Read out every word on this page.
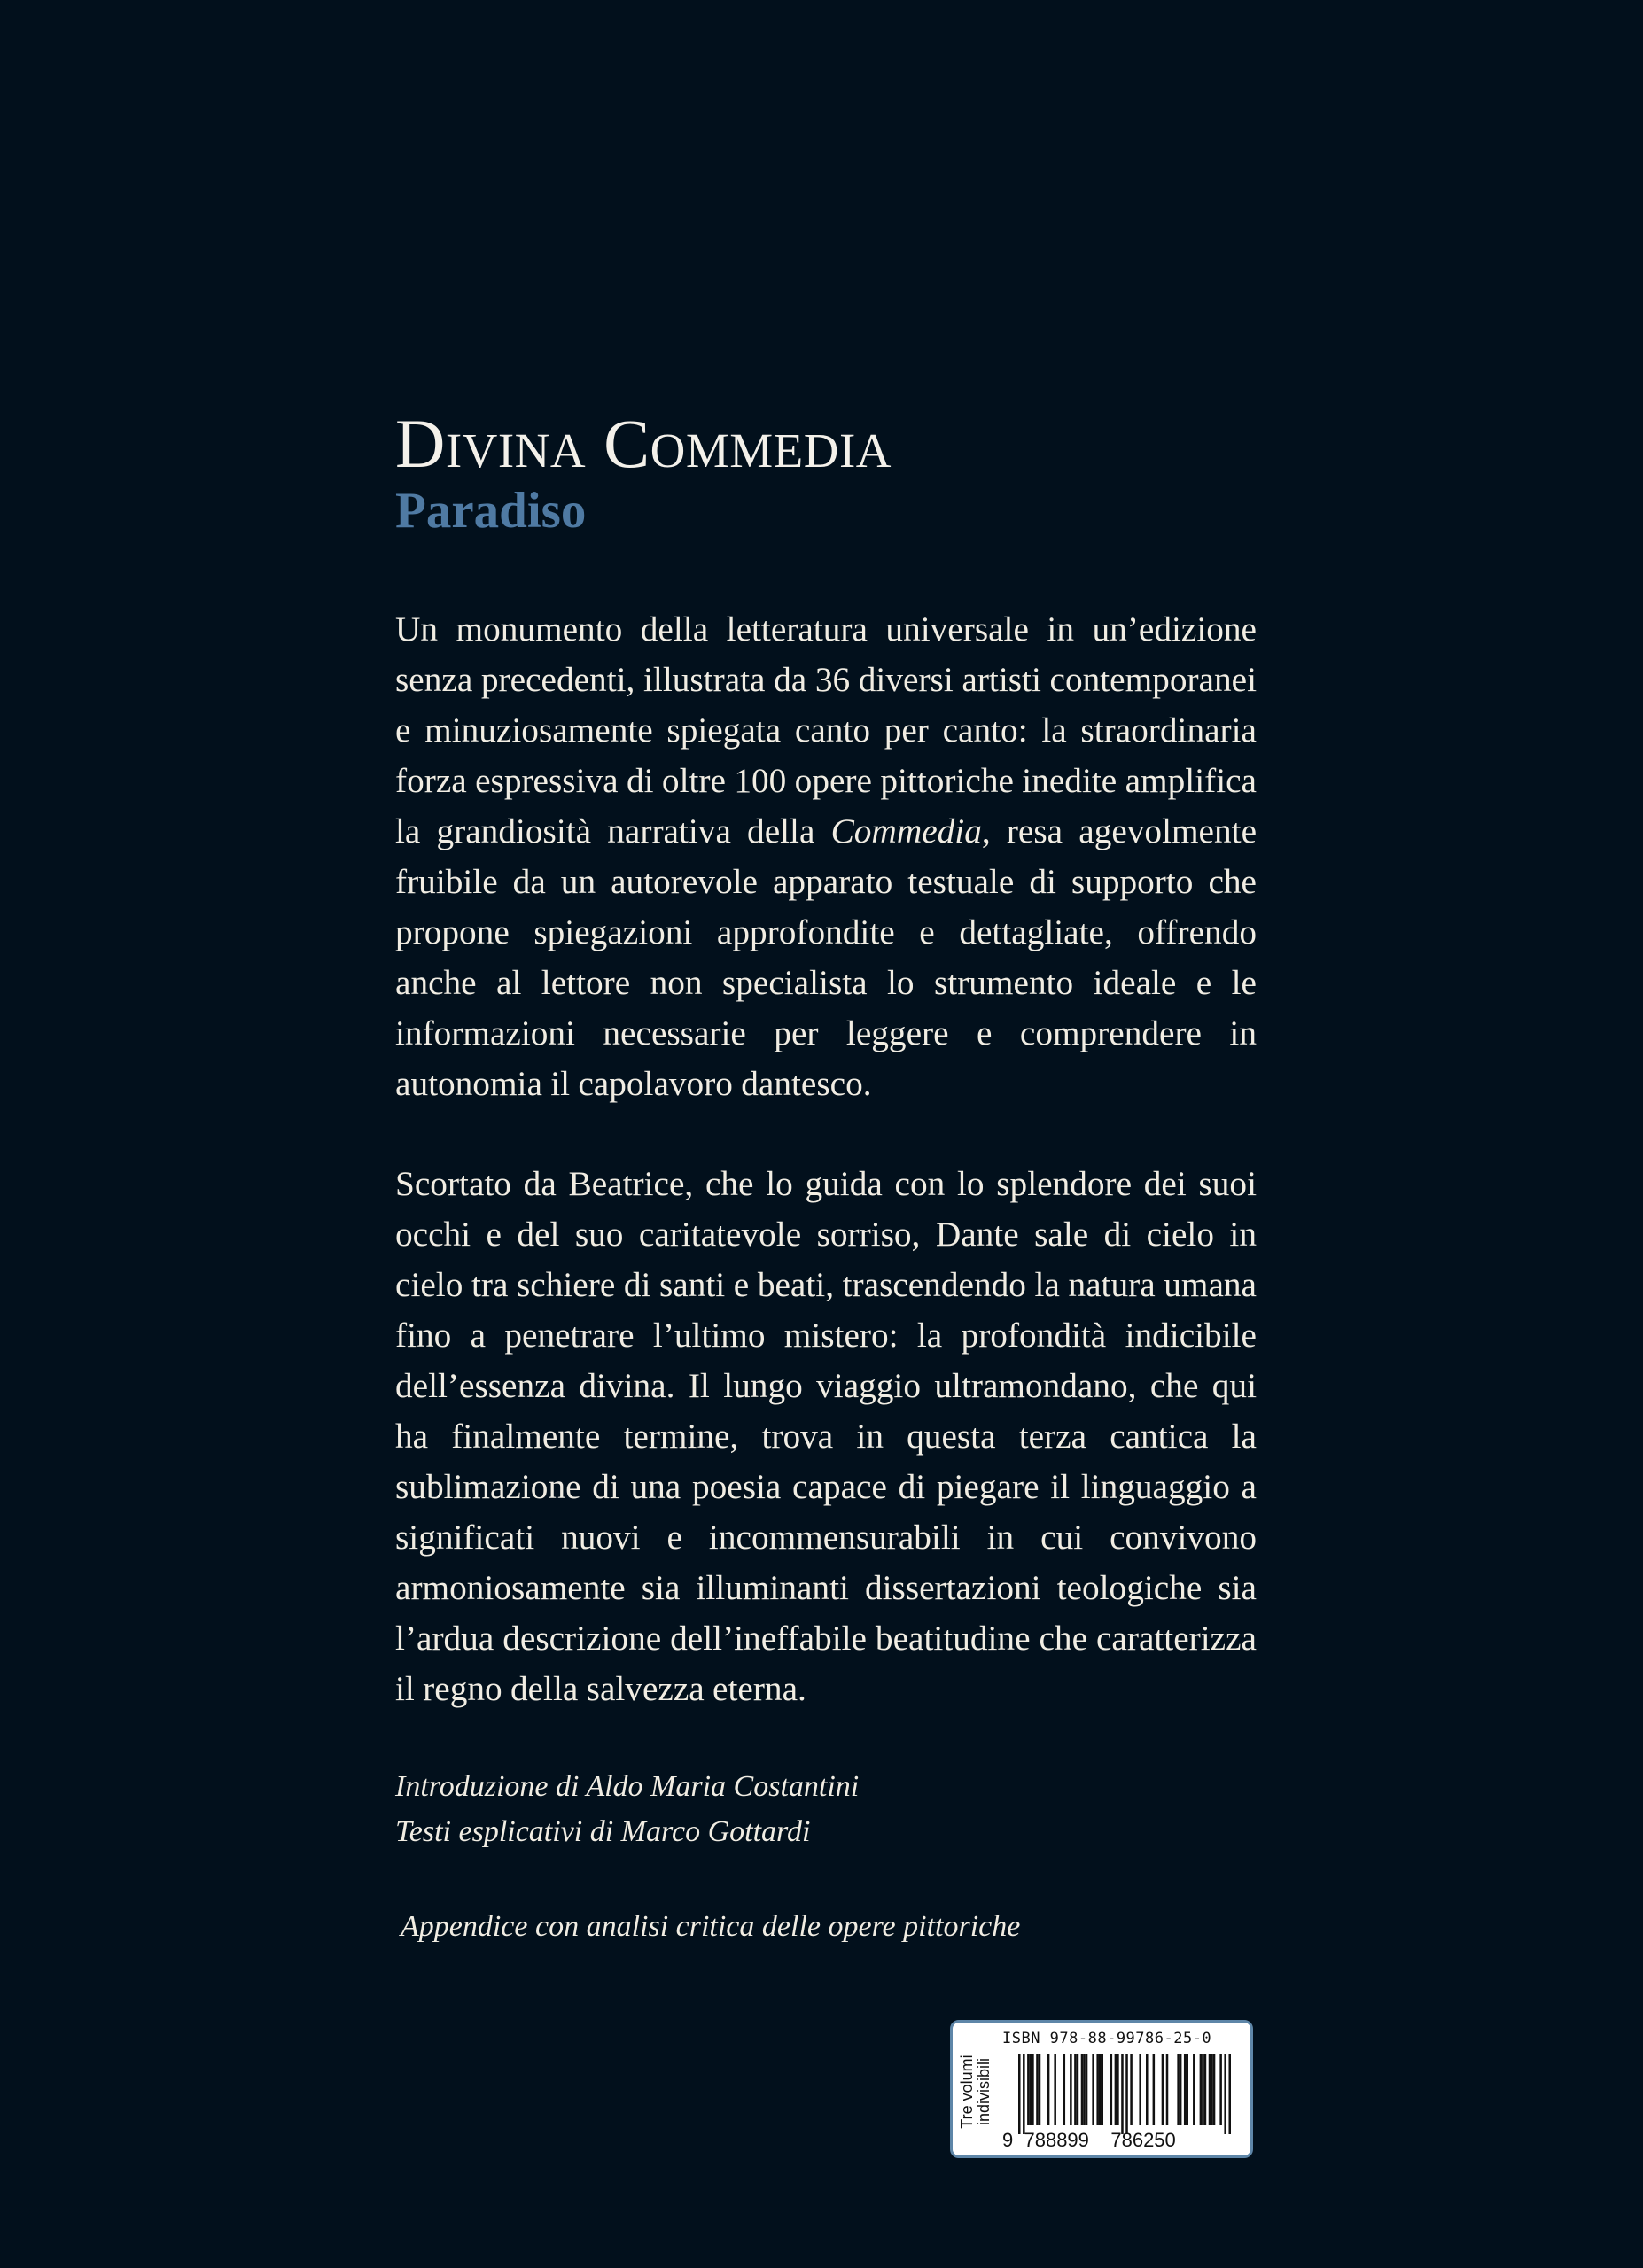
Divina Commedia
Paradiso

Un monumento della letteratura universale in un’edizione senza precedenti, illustrata da 36 diversi artisti contemporanei e minuziosamente spiegata canto per canto: la straordinaria forza espressiva di oltre 100 opere pittoriche inedite amplifica la grandiosità narrativa della Commedia, resa agevolmente fruibile da un autorevole apparato testuale di supporto che propone spiegazioni approfondite e dettagliate, offrendo anche al lettore non specialista lo strumento ideale e le informazioni necessarie per leggere e comprendere in autonomia il capolavoro dantesco.

Scortato da Beatrice, che lo guida con lo splendore dei suoi occhi e del suo caritatevole sorriso, Dante sale di cielo in cielo tra schiere di santi e beati, trascendendo la natura umana fino a penetrare l’ultimo mistero: la profondità indicibile dell’essenza divina. Il lungo viaggio ultramondano, che qui ha finalmente termine, trova in questa terza cantica la sublimazione di una poesia capace di piegare il linguaggio a significati nuovi e incommensurabili in cui convivono armoniosamente sia illuminanti dissertazioni teologiche sia l’ardua descrizione dell’ineffabile beatitudine che caratterizza il regno della salvezza eterna.

Introduzione di Aldo Maria Costantini
Testi esplicativi di Marco Gottardi
Appendice con analisi critica delle opere pittoriche
Tre volumi indivisibili
ISBN 978-88-99786-25-0
9 788899 786250
